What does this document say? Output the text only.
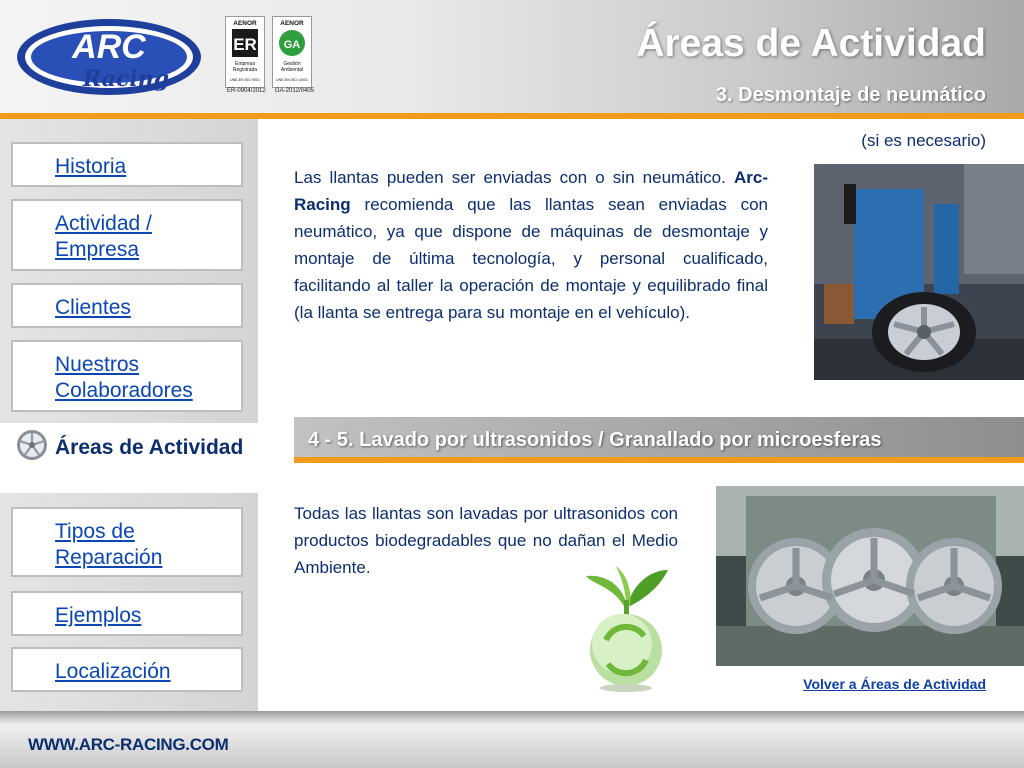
ARC
Racing
AENOR
ER
Empresa
Registrada
UNE-EN ISO 9001
ER-0904/2012
AENOR
GA
Gestión
Ambiental
UNE-EN ISO 14001
GA-2012/0405
Áreas de Actividad
3. Desmontaje de neumático
Historia
Actividad / Empresa
Clientes
Nuestros Colaboradores
Áreas de Actividad
Tipos de Reparación
Ejemplos
Localización
(si es necesario)

Las llantas pueden ser enviadas con o sin neumático. Arc-Racing recomienda que las llantas sean enviadas con neumático, ya que dispone de máquinas de desmontaje y montaje de última tecnología, y personal cualificado, facilitando al taller la operación de montaje y equilibrado final (la llanta se entrega para su montaje en el vehículo).

4 - 5. Lavado por ultrasonidos / Granallado por microesferas

Todas las llantas son lavadas por ultrasonidos con productos biodegradables que no dañan el Medio Ambiente.

Volver a Áreas de Actividad
WWW.ARC-RACING.COM
